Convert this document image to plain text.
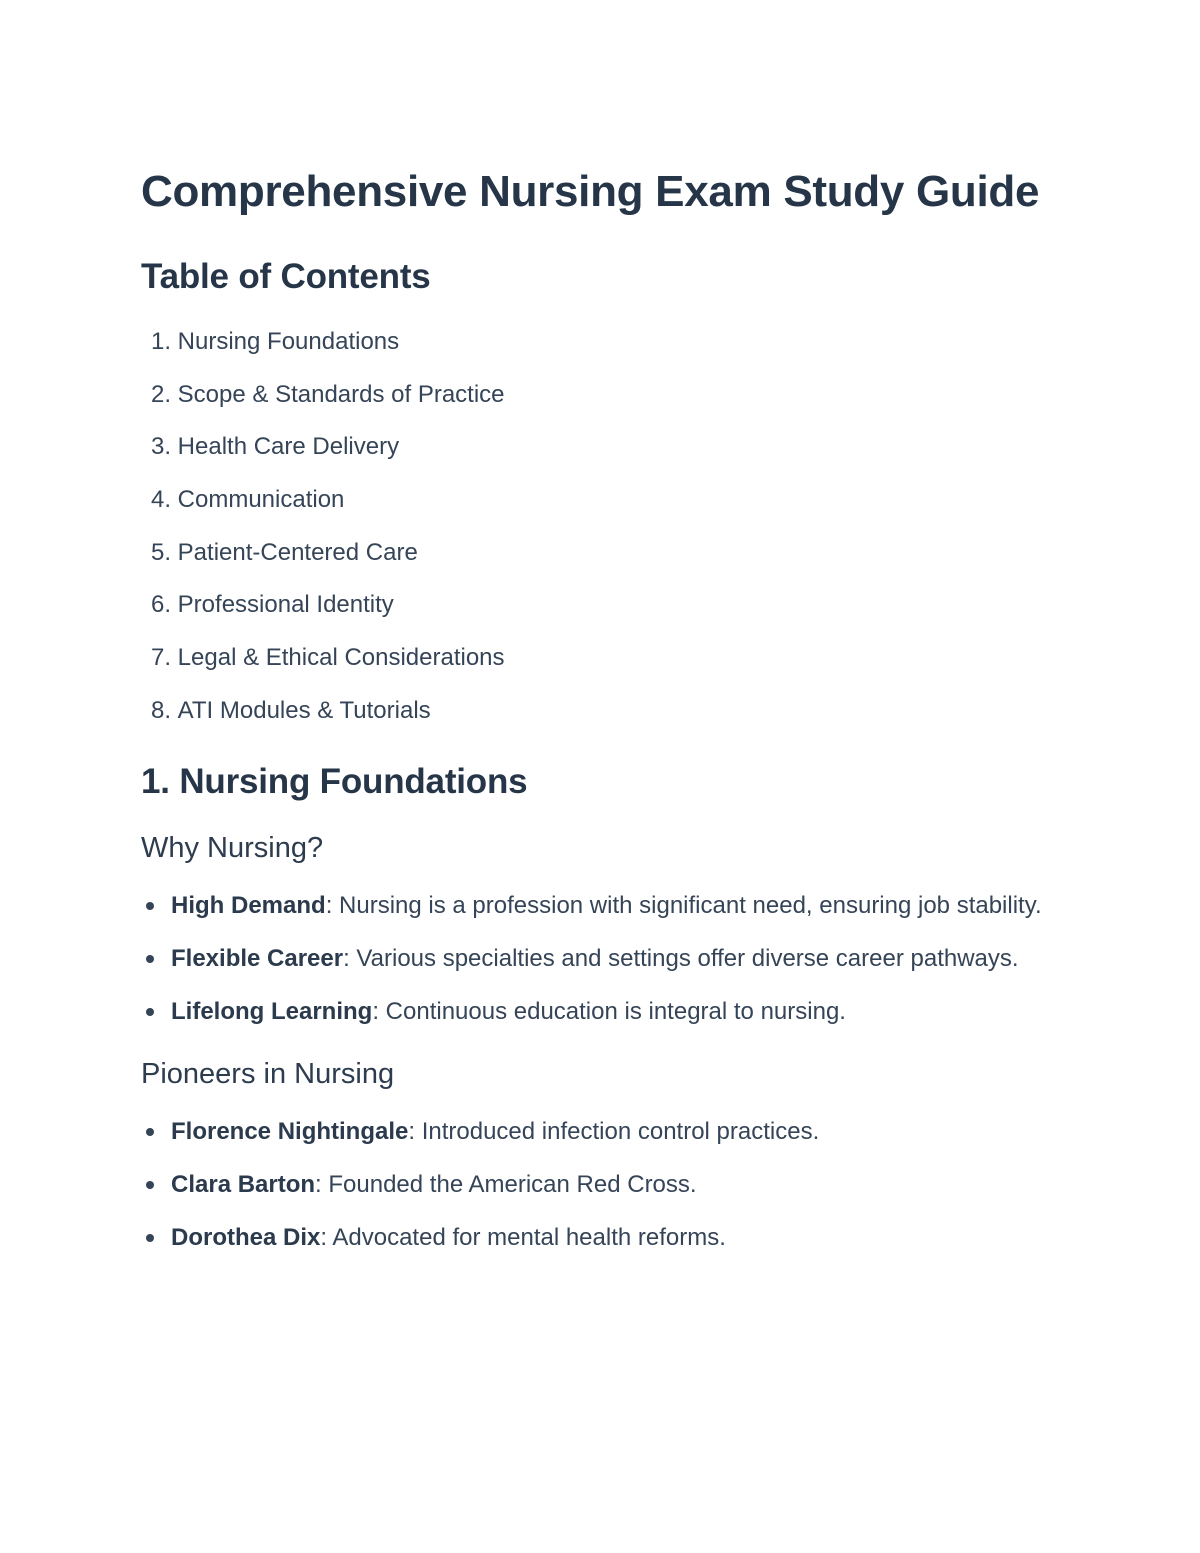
Comprehensive Nursing Exam Study Guide
Table of Contents
1.
Nursing Foundations
2.
Scope & Standards of Practice
3.
Health Care Delivery
4.
Communication
5.
Patient-Centered Care
6.
Professional Identity
7.
Legal & Ethical Considerations
8.
ATI Modules & Tutorials
1. Nursing Foundations
Why Nursing?
High Demand: Nursing is a profession with significant need, ensuring job stability.
Flexible Career: Various specialties and settings offer diverse career pathways.
Lifelong Learning: Continuous education is integral to nursing.
Pioneers in Nursing
Florence Nightingale: Introduced infection control practices.
Clara Barton: Founded the American Red Cross.
Dorothea Dix: Advocated for mental health reforms.
